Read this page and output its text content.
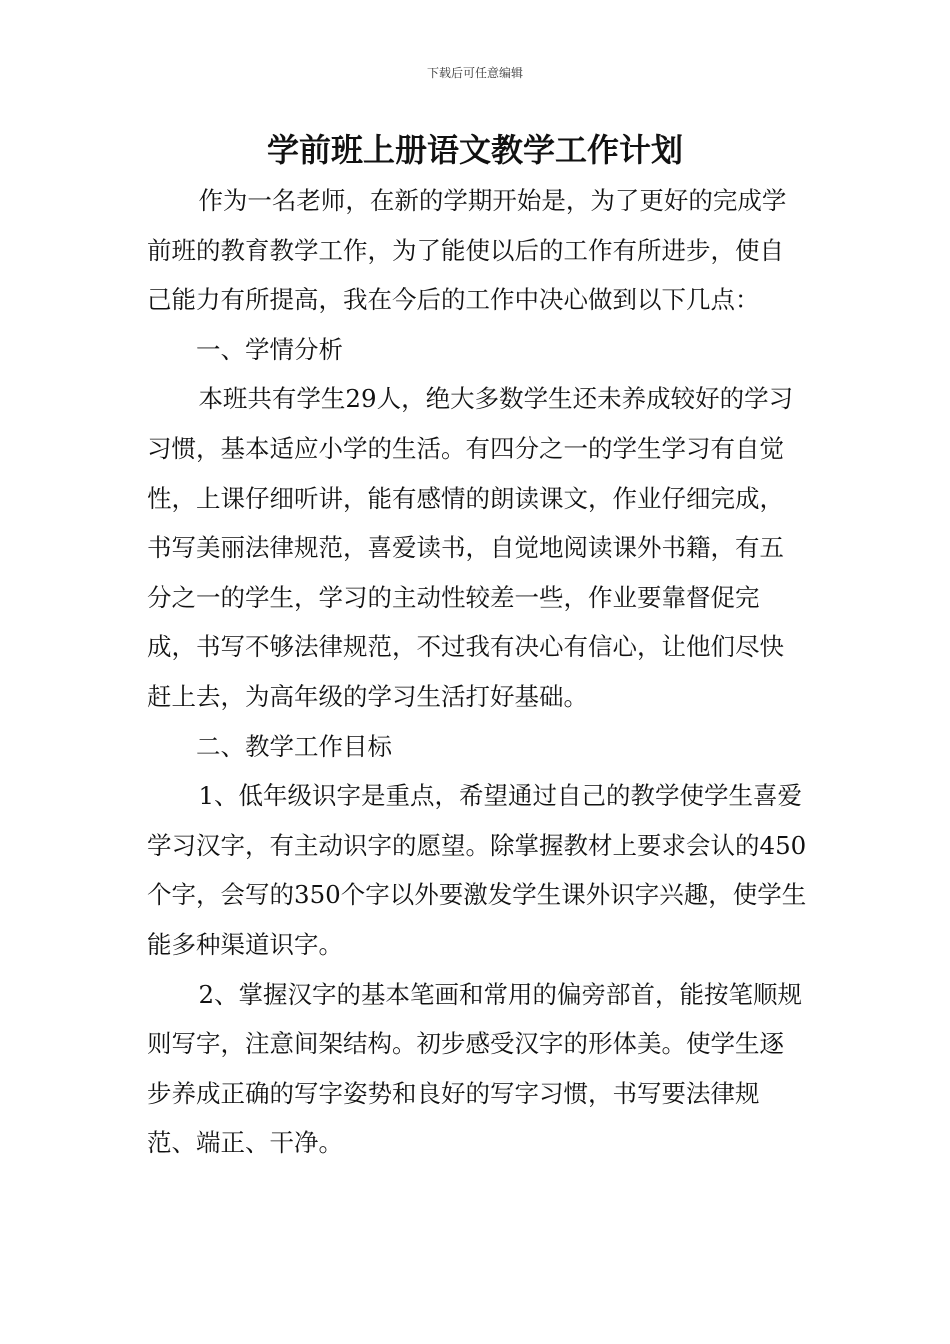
下载后可任意编辑
学前班上册语文教学工作计划

作为一名老师，在新的学期开始是，为了更好的完成学前班的教育教学工作，为了能使以后的工作有所进步，使自己能力有所提高，我在今后的工作中决心做到以下几点：

一、学情分析

本班共有学生29人，绝大多数学生还未养成较好的学习习惯，基本适应小学的生活。有四分之一的学生学习有自觉性，上课仔细听讲，能有感情的朗读课文，作业仔细完成，书写美丽法律规范，喜爱读书，自觉地阅读课外书籍，有五分之一的学生，学习的主动性较差一些，作业要靠督促完成，书写不够法律规范，不过我有决心有信心，让他们尽快赶上去，为高年级的学习生活打好基础。

二、教学工作目标

1、低年级识字是重点，希望通过自己的教学使学生喜爱学习汉字，有主动识字的愿望。除掌握教材上要求会认的450个字，会写的350个字以外要激发学生课外识字兴趣，使学生能多种渠道识字。

2、掌握汉字的基本笔画和常用的偏旁部首，能按笔顺规则写字，注意间架结构。初步感受汉字的形体美。使学生逐步养成正确的写字姿势和良好的写字习惯，书写要法律规范、端正、干净。
